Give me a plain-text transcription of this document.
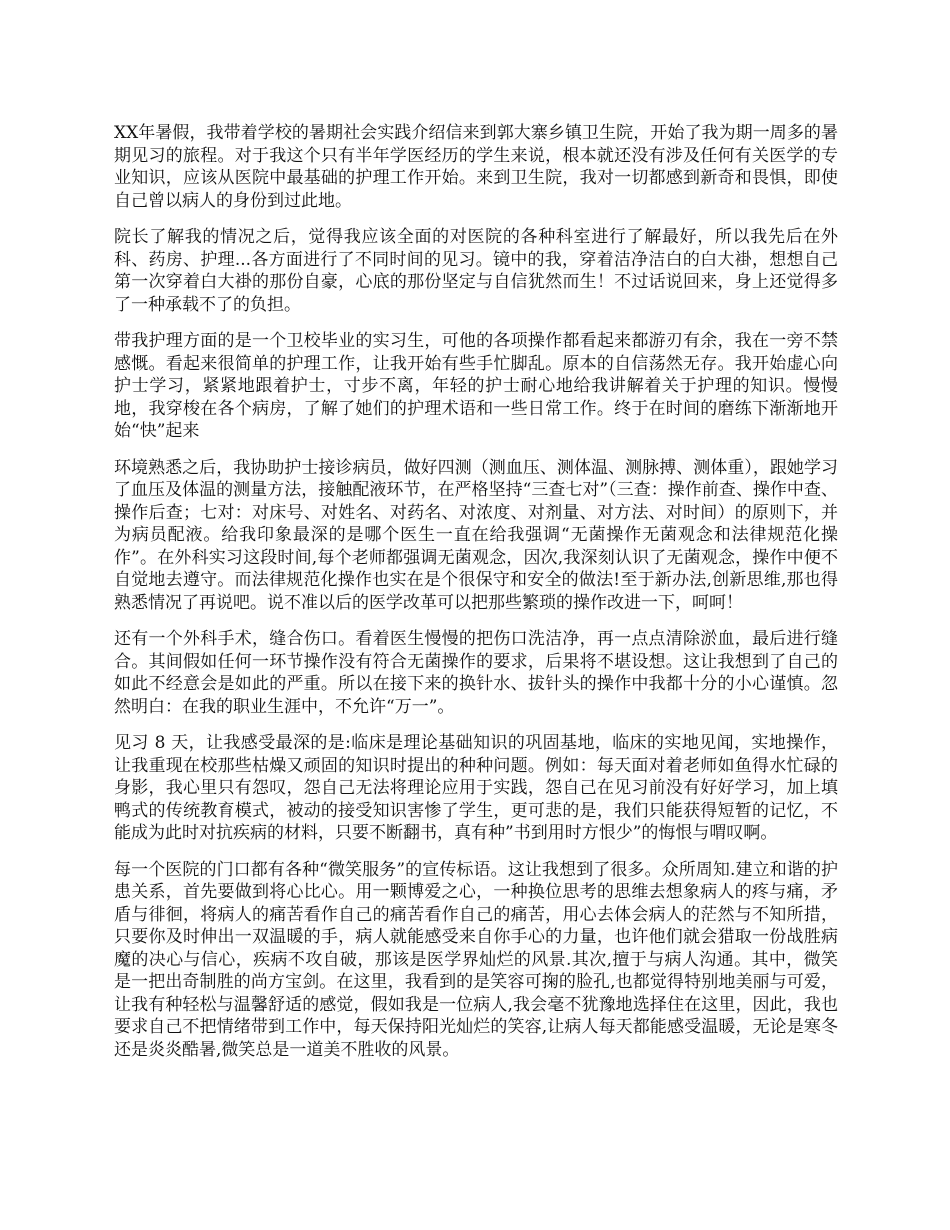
XX年暑假，我带着学校的暑期社会实践介绍信来到郭大寨乡镇卫生院，开始了我为期一周多的暑期见习的旅程。对于我这个只有半年学医经历的学生来说，根本就还没有涉及任何有关医学的专业知识，应该从医院中最基础的护理工作开始。来到卫生院，我对一切都感到新奇和畏惧，即使自己曾以病人的身份到过此地。

院长了解我的情况之后，觉得我应该全面的对医院的各种科室进行了解最好，所以我先后在外科、药房、护理...各方面进行了不同时间的见习。镜中的我，穿着洁净洁白的白大褂，想想自己第一次穿着白大褂的那份自豪，心底的那份坚定与自信犹然而生！不过话说回来，身上还觉得多了一种承载不了的负担。

带我护理方面的是一个卫校毕业的实习生，可他的各项操作都看起来都游刃有余，我在一旁不禁感慨。看起来很简单的护理工作，让我开始有些手忙脚乱。原本的自信荡然无存。我开始虚心向护士学习，紧紧地跟着护士，寸步不离，年轻的护士耐心地给我讲解着关于护理的知识。慢慢地，我穿梭在各个病房，了解了她们的护理术语和一些日常工作。终于在时间的磨练下渐渐地开始“快”起来

环境熟悉之后，我协助护士接诊病员，做好四测（测血压、测体温、测脉搏、测体重），跟她学习了血压及体温的测量方法，接触配液环节，在严格坚持“三查七对”（三查：操作前查、操作中查、操作后查；七对：对床号、对姓名、对药名、对浓度、对剂量、对方法、对时间）的原则下，并为病员配液。给我印象最深的是哪个医生一直在给我强调“无菌操作无菌观念和法律规范化操作”。在外科实习这段时间,每个老师都强调无菌观念，因次,我深刻认识了无菌观念，操作中便不自觉地去遵守。而法律规范化操作也实在是个很保守和安全的做法!至于新办法,创新思维,那也得熟悉情况了再说吧。说不准以后的医学改革可以把那些繁琐的操作改进一下，呵呵！

还有一个外科手术，缝合伤口。看着医生慢慢的把伤口洗洁净，再一点点清除淤血，最后进行缝合。其间假如任何一环节操作没有符合无菌操作的要求，后果将不堪设想。这让我想到了自己的如此不经意会是如此的严重。所以在接下来的换针水、拔针头的操作中我都十分的小心谨慎。忽然明白：在我的职业生涯中，不允许“万一”。

见习 8 天，让我感受最深的是:临床是理论基础知识的巩固基地，临床的实地见闻，实地操作，让我重现在校那些枯燥又顽固的知识时提出的种种问题。例如：每天面对着老师如鱼得水忙碌的身影，我心里只有怨叹，怨自己无法将理论应用于实践，怨自己在见习前没有好好学习，加上填鸭式的传统教育模式，被动的接受知识害惨了学生，更可悲的是，我们只能获得短暂的记忆，不能成为此时对抗疾病的材料，只要不断翻书，真有种”书到用时方恨少”的悔恨与喟叹啊。

每一个医院的门口都有各种“微笑服务”的宣传标语。这让我想到了很多。众所周知.建立和谐的护患关系，首先要做到将心比心。用一颗博爱之心，一种换位思考的思维去想象病人的疼与痛，矛盾与徘徊，将病人的痛苦看作自己的痛苦看作自己的痛苦，用心去体会病人的茫然与不知所措，只要你及时伸出一双温暖的手，病人就能感受来自你手心的力量，也许他们就会猎取一份战胜病魔的决心与信心，疾病不攻自破，那该是医学界灿烂的风景.其次,擅于与病人沟通。其中，微笑是一把出奇制胜的尚方宝剑。在这里，我看到的是笑容可掬的脸孔,也都觉得特别地美丽与可爱，让我有种轻松与温馨舒适的感觉，假如我是一位病人,我会毫不犹豫地选择住在这里，因此，我也要求自己不把情绪带到工作中，每天保持阳光灿烂的笑容,让病人每天都能感受温暖，无论是寒冬还是炎炎酷暑,微笑总是一道美不胜收的风景。
